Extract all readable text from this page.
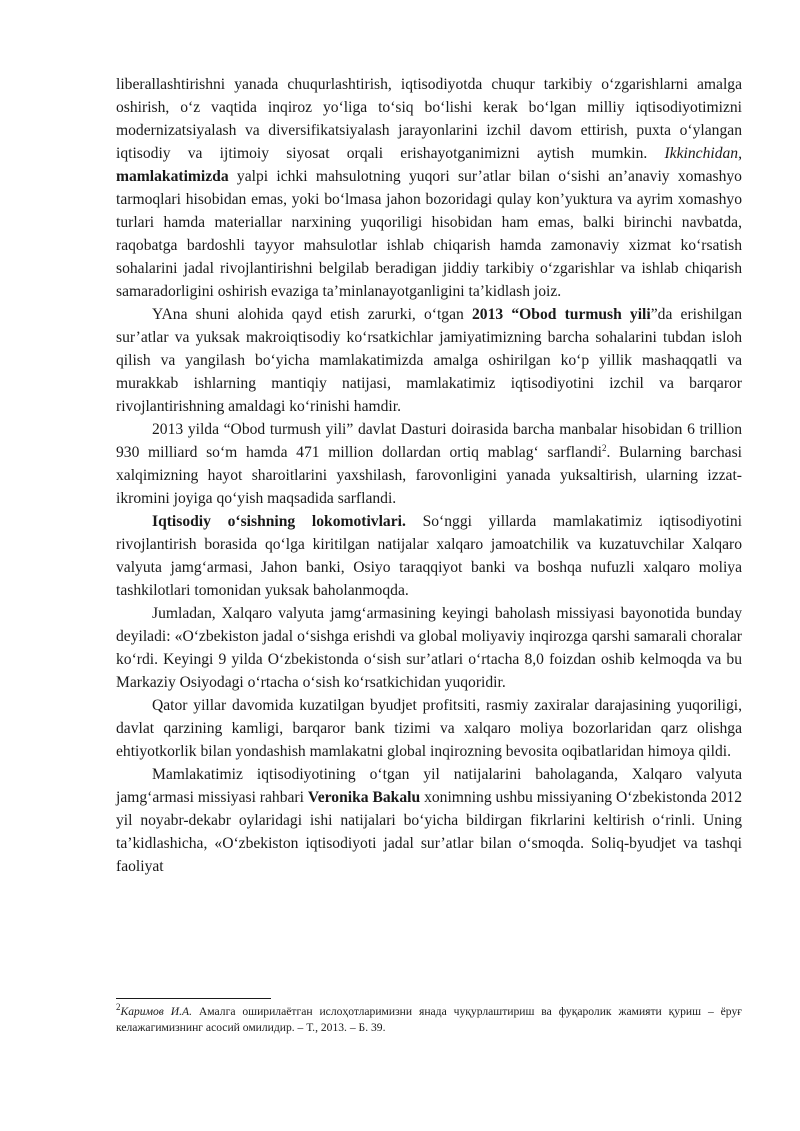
liberallashtirishni yanada chuqurlashtirish, iqtisodiyotda chuqur tarkibiy o‘zgarishlarni amalga oshirish, o‘z vaqtida inqiroz yo‘liga to‘siq bo‘lishi kerak bo‘lgan milliy iqtisodiyotimizni modernizatsiyalash va diversifikatsiyalash jarayonlarini izchil davom ettirish, puxta o‘ylangan iqtisodiy va ijtimoiy siyosat orqali erishayotganimizni aytish mumkin. Ikkinchidan, mamlakatimizda yalpi ichki mahsulotning yuqori sur’atlar bilan o‘sishi an’anaviy xomashyo tarmoqlari hisobidan emas, yoki bo‘lmasa jahon bozoridagi qulay kon’yuktura va ayrim xomashyo turlari hamda materiallar narxining yuqoriligi hisobidan ham emas, balki birinchi navbatda, raqobatga bardoshli tayyor mahsulotlar ishlab chiqarish hamda zamonaviy xizmat ko‘rsatish sohalarini jadal rivojlantirishni belgilab beradigan jiddiy tarkibiy o‘zgarishlar va ishlab chiqarish samaradorligini oshirish evaziga ta’minlanayotganligini ta’kidlash joiz.

YAna shuni alohida qayd etish zarurki, o‘tgan 2013 “Obod turmush yili”da erishilgan sur’atlar va yuksak makroiqtisodiy ko‘rsatkichlar jamiyatimizning barcha sohalarini tubdan isloh qilish va yangilash bo‘yicha mamlakatimizda amalga oshirilgan ko‘p yillik mashaqqatli va murakkab ishlarning mantiqiy natijasi, mamlakatimiz iqtisodiyotini izchil va barqaror rivojlantirishning amaldagi ko‘rinishi hamdir.

2013 yilda “Obod turmush yili” davlat Dasturi doirasida barcha manbalar hisobidan 6 trillion 930 milliard so‘m hamda 471 million dollardan ortiq mablag‘ sarflandi$^2$. Bularning barchasi xalqimizning hayot sharoitlarini yaxshilash, farovonligini yanada yuksaltirish, ularning izzat-ikromini joyiga qo‘yish maqsadida sarflandi.

Iqtisodiy o‘sishning lokomotivlari. So‘nggi yillarda mamlakatimiz iqtisodiyotini rivojlantirish borasida qo‘lga kiritilgan natijalar xalqaro jamoatchilik va kuzatuvchilar Xalqaro valyuta jamg‘armasi, Jahon banki, Osiyo taraqqiyot banki va boshqa nufuzli xalqaro moliya tashkilotlari tomonidan yuksak baholanmoqda.

Jumladan, Xalqaro valyuta jamg‘armasining keyingi baholash missiyasi bayonotida bunday deyiladi: «O‘zbekiston jadal o‘sishga erishdi va global moliyaviy inqirozga qarshi samarali choralar ko‘rdi. Keyingi 9 yilda O‘zbekistonda o‘sish sur’atlari o‘rtacha 8,0 foizdan oshib kelmoqda va bu Markaziy Osiyodagi o‘rtacha o‘sish ko‘rsatkichidan yuqoridir.

Qator yillar davomida kuzatilgan byudjet profitsiti, rasmiy zaxiralar darajasining yuqoriligi, davlat qarzining kamligi, barqaror bank tizimi va xalqaro moliya bozorlaridan qarz olishga ehtiyotkorlik bilan yondashish mamlakatni global inqirozning bevosita oqibatlaridan himoya qildi.

Mamlakatimiz iqtisodiyotining o‘tgan yil natijalarini baholaganda, Xalqaro valyuta jamg‘armasi missiyasi rahbari Veronika Bakalu xonimning ushbu missiyaning O‘zbekistonda 2012 yil noyabr-dekabr oylaridagi ishi natijalari bo‘yicha bildirgan fikrlarini keltirish o‘rinli. Uning ta’kidlashicha, «O‘zbekiston iqtisodiyoti jadal sur’atlar bilan o‘smoqda. Soliq-byudjet va tashqi faoliyat

$^2$Каримов И.А. Амалга оширилаётган ислоҳотларимизни янада чуқурлаштириш ва фуқаролик жамияти қуриш – ёруғ келажагимизнинг асосий омилидир. – Т., 2013. – Б. 39.
